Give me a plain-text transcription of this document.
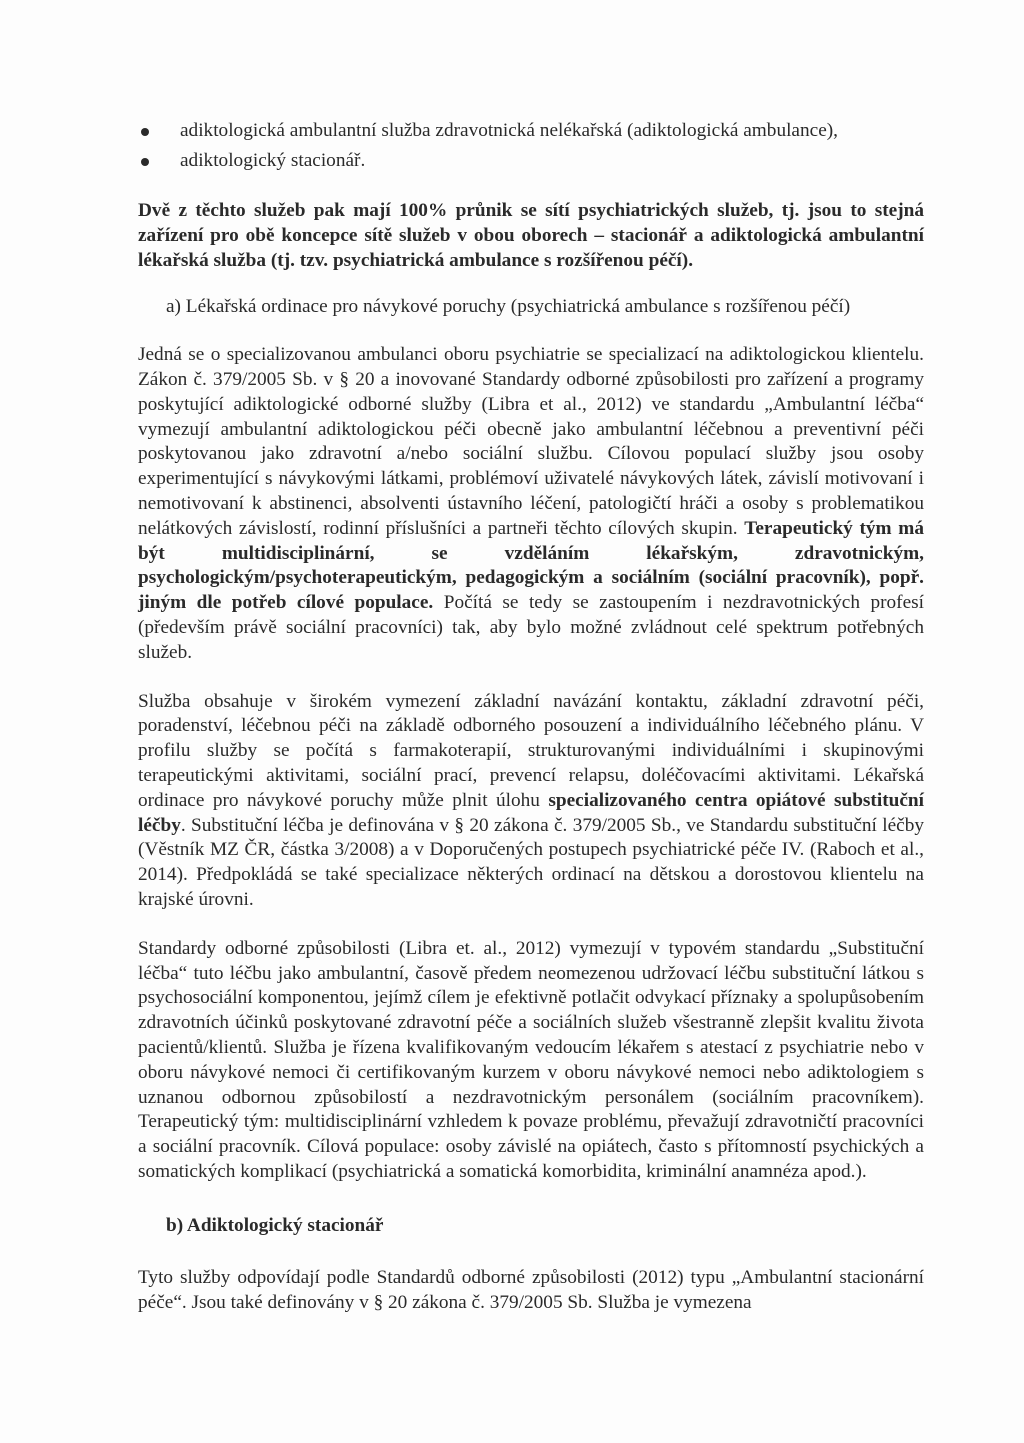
adiktologická ambulantní služba zdravotnická nelékařská (adiktologická ambulance),
adiktologický stacionář.

Dvě z těchto služeb pak mají 100% průnik se sítí psychiatrických služeb, tj. jsou to stejná zařízení pro obě koncepce sítě služeb v obou oborech – stacionář a adiktologická ambulantní lékařská služba (tj. tzv. psychiatrická ambulance s rozšířenou péčí).

a) Lékařská ordinace pro návykové poruchy (psychiatrická ambulance s rozšířenou péčí)

Jedná se o specializovanou ambulanci oboru psychiatrie se specializací na adiktologickou klientelu. Zákon č. 379/2005 Sb. v § 20 a inovované Standardy odborné způsobilosti pro zařízení a programy poskytující adiktologické odborné služby (Libra et al., 2012) ve standardu „Ambulantní léčba“ vymezují ambulantní adiktologickou péči obecně jako ambulantní léčebnou a preventivní péči poskytovanou jako zdravotní a/nebo sociální službu. Cílovou populací služby jsou osoby experimentující s návykovými látkami, problémoví uživatelé návykových látek, závislí motivovaní i nemotivovaní k abstinenci, absolventi ústavního léčení, patologičtí hráči a osoby s problematikou nelátkových závislostí, rodinní příslušníci a partneři těchto cílových skupin. Terapeutický tým má být multidisciplinární, se vzděláním lékařským, zdravotnickým, psychologickým/psychoterapeutickým, pedagogickým a sociálním (sociální pracovník), popř. jiným dle potřeb cílové populace. Počítá se tedy se zastoupením i nezdravotnických profesí (především právě sociální pracovníci) tak, aby bylo možné zvládnout celé spektrum potřebných služeb.

Služba obsahuje v širokém vymezení základní navázání kontaktu, základní zdravotní péči, poradenství, léčebnou péči na základě odborného posouzení a individuálního léčebného plánu. V profilu služby se počítá s farmakoterapií, strukturovanými individuálními i skupinovými terapeutickými aktivitami, sociální prací, prevencí relapsu, doléčovacími aktivitami. Lékařská ordinace pro návykové poruchy může plnit úlohu specializovaného centra opiátové substituční léčby. Substituční léčba je definována v § 20 zákona č. 379/2005 Sb., ve Standardu substituční léčby (Věstník MZ ČR, částka 3/2008) a v Doporučených postupech psychiatrické péče IV. (Raboch et al., 2014). Předpokládá se také specializace některých ordinací na dětskou a dorostovou klientelu na krajské úrovni.

Standardy odborné způsobilosti (Libra et. al., 2012) vymezují v typovém standardu „Substituční léčba“ tuto léčbu jako ambulantní, časově předem neomezenou udržovací léčbu substituční látkou s psychosociální komponentou, jejímž cílem je efektivně potlačit odvykací příznaky a spolupůsobením zdravotních účinků poskytované zdravotní péče a sociálních služeb všestranně zlepšit kvalitu života pacientů/klientů. Služba je řízena kvalifikovaným vedoucím lékařem s atestací z psychiatrie nebo v oboru návykové nemoci či certifikovaným kurzem v oboru návykové nemoci nebo adiktologiem s uznanou odbornou způsobilostí a nezdravotnickým personálem (sociálním pracovníkem). Terapeutický tým: multidisciplinární vzhledem k povaze problému, převažují zdravotničtí pracovníci a sociální pracovník. Cílová populace: osoby závislé na opiátech, často s přítomností psychických a somatických komplikací (psychiatrická a somatická komorbidita, kriminální anamnéza apod.).

b) Adiktologický stacionář

Tyto služby odpovídají podle Standardů odborné způsobilosti (2012) typu „Ambulantní stacionární péče“. Jsou také definovány v § 20 zákona č. 379/2005 Sb. Služba je vymezena
